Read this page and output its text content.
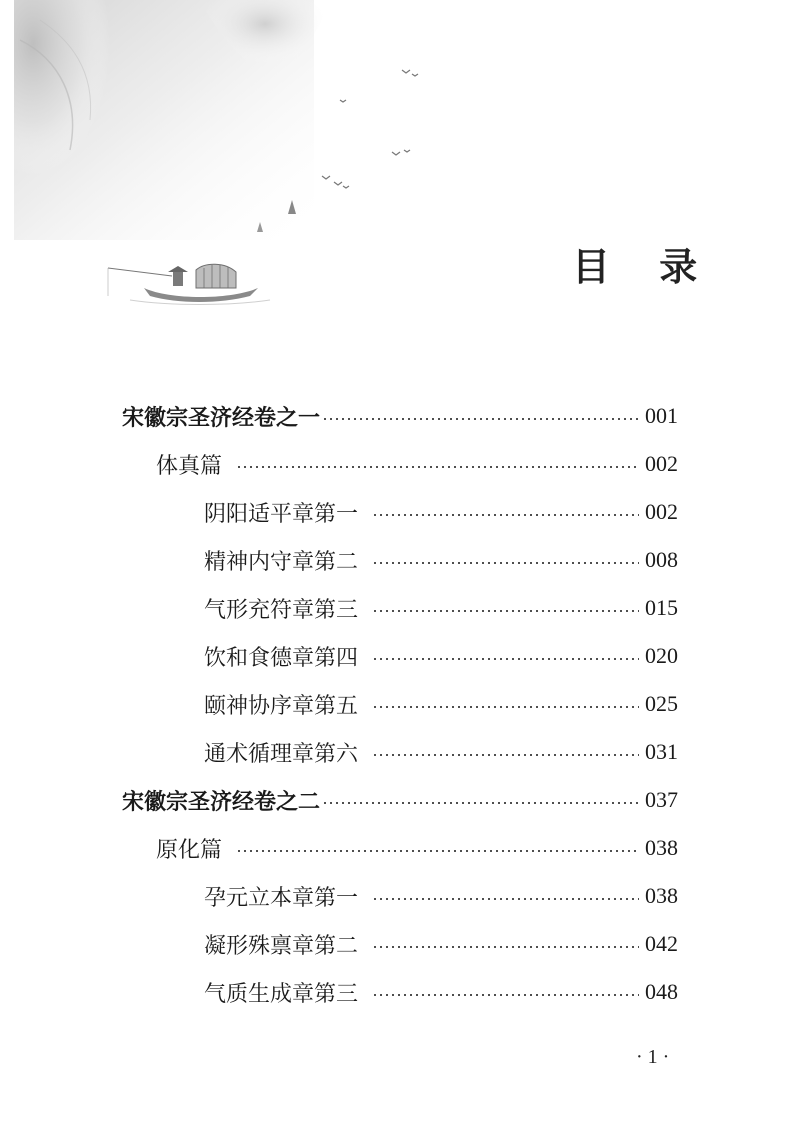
目 录
宋徽宗圣济经卷之一	001
体真篇	002
阴阳适平章第一	002
精神内守章第二	008
气形充符章第三	015
饮和食德章第四	020
颐神协序章第五	025
通术循理章第六	031
宋徽宗圣济经卷之二	037
原化篇	038
孕元立本章第一	038
凝形殊禀章第二	042
气质生成章第三	048
· 1 ·
